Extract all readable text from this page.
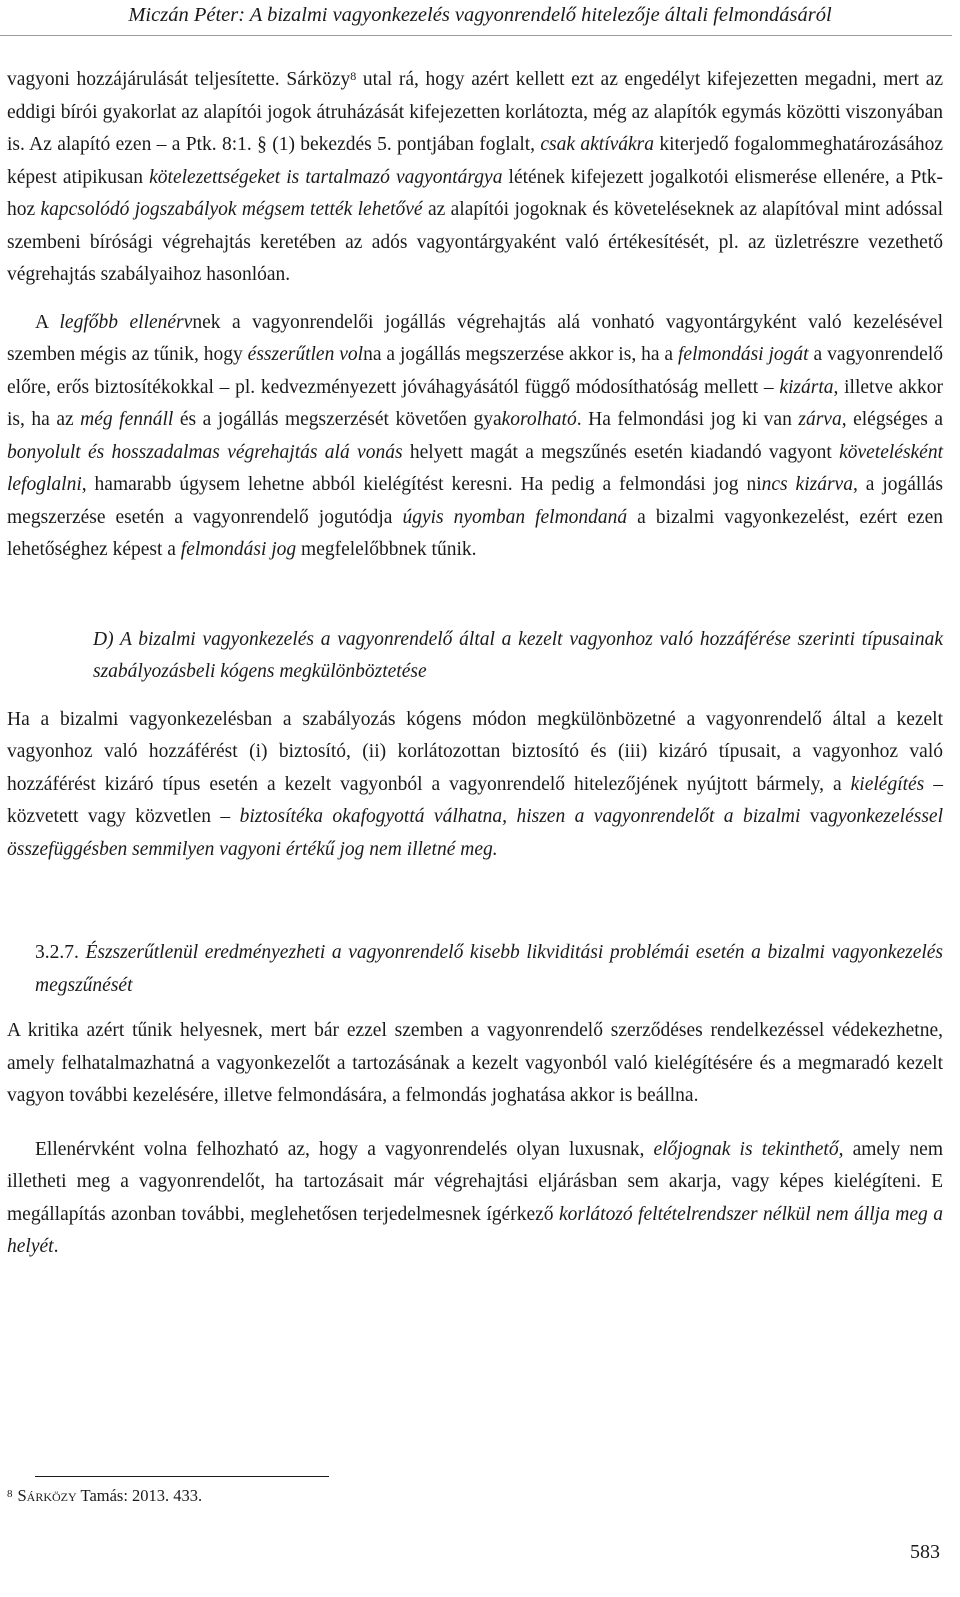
Miczán Péter: A bizalmi vagyonkezelés vagyonrendelő hitelezője általi felmondásáról

vagyoni hozzájárulását teljesítette. Sárközy$^8$ utal rá, hogy azért kellett ezt az engedélyt kifejezetten megadni, mert az eddigi bírói gyakorlat az alapítói jogok átruházását kifejezetten korlátozta, még az alapítók egymás közötti viszonyában is. Az alapító ezen – a Ptk. 8:1. § (1) bekezdés 5. pontjában foglalt, csak aktívákra kiterjedő fogalommeghatározásához képest atipikusan kötelezettségeket is tartalmazó vagyontárgya létének kifejezett jogalkotói elismerése ellenére, a Ptk-hoz kapcsolódó jogszabályok mégsem tették lehetővé az alapítói jogoknak és követeléseknek az alapítóval mint adóssal szembeni bírósági végrehajtás keretében az adós vagyontárgyaként való értékesítését, pl. az üzletrészre vezethető végrehajtás szabályaihoz hasonlóan.

A legfőbb ellenérvnek a vagyonrendelői jogállás végrehajtás alá vonható vagyontárgyként való kezelésével szemben mégis az tűnik, hogy ésszerűtlen volna a jogállás megszerzése akkor is, ha a felmondási jogát a vagyonrendelő előre, erős biztosítékokkal – pl. kedvezményezett jóváhagyásától függő módosíthatóság mellett – kizárta, illetve akkor is, ha az még fennáll és a jogállás megszerzését követően gyakorolható. Ha felmondási jog ki van zárva, elégséges a bonyolult és hosszadalmas végrehajtás alá vonás helyett magát a megszűnés esetén kiadandó vagyont követelésként lefoglalni, hamarabb úgysem lehetne abból kielégítést keresni. Ha pedig a felmondási jog nincs kizárva, a jogállás megszerzése esetén a vagyonrendelő jogutódja úgyis nyomban felmondaná a bizalmi vagyonkezelést, ezért ezen lehetőséghez képest a felmondási jog megfelelőbbnek tűnik.

D) A bizalmi vagyonkezelés a vagyonrendelő által a kezelt vagyonhoz való hozzáférése szerinti típusainak szabályozásbeli kógens megkülönböztetése

Ha a bizalmi vagyonkezelésban a szabályozás kógens módon megkülönbözetné a vagyonrendelő által a kezelt vagyonhoz való hozzáférést (i) biztosító, (ii) korlátozottan biztosító és (iii) kizáró típusait, a vagyonhoz való hozzáférést kizáró típus esetén a kezelt vagyonból a vagyonrendelő hitelezőjének nyújtott bármely, a kielégítés – közvetett vagy közvetlen – biztosítéka okafogyottá válhatna, hiszen a vagyonrendelőt a bizalmi vagyonkezeléssel összefüggésben semmilyen vagyoni értékű jog nem illetné meg.

3.2.7. Észszerűtlenül eredményezheti a vagyonrendelő kisebb likviditási problémái esetén a bizalmi vagyonkezelés megszűnését

A kritika azért tűnik helyesnek, mert bár ezzel szemben a vagyonrendelő szerződéses rendelkezéssel védekezhetne, amely felhatalmazhatná a vagyonkezelőt a tartozásának a kezelt vagyonból való kielégítésére és a megmaradó kezelt vagyon további kezelésére, illetve felmondására, a felmondás joghatása akkor is beállna.

Ellenérvként volna felhozható az, hogy a vagyonrendelés olyan luxusnak, előjognak is tekinthető, amely nem illetheti meg a vagyonrendelőt, ha tartozásait már végrehajtási eljárásban sem akarja, vagy képes kielégíteni. E megállapítás azonban további, meglehetősen terjedelmesnek ígérkező korlátozó feltételrendszer nélkül nem állja meg a helyét.

$^8$ Sárközy Tamás: 2013. 433.
583
